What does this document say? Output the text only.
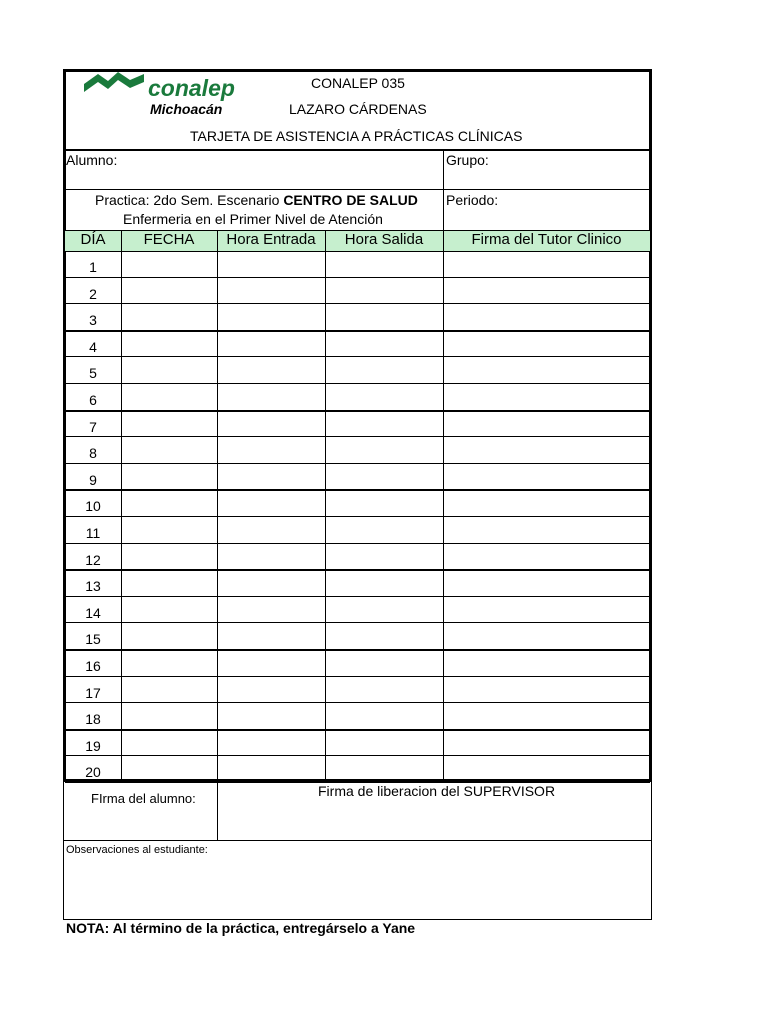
conalep
Michoacán
CONALEP 035
LAZARO CÁRDENAS
TARJETA DE ASISTENCIA A PRÁCTICAS CLÍNICAS
Alumno:	Grupo:
Practica: 2do Sem. Escenario CENTRO DE SALUD
Enfermeria en el Primer Nivel de Atención
Periodo:
DÍA	FECHA	Hora Entrada	Hora Salida	Firma del Tutor Clinico
1
2
3
4
5
6
7
8
9
10
11
12
13
14
15
16
17
18
19
20
FIrma del alumno:	Firma de liberacion del SUPERVISOR
Observaciones al estudiante:
NOTA: Al término de la práctica, entregárselo a Yane
